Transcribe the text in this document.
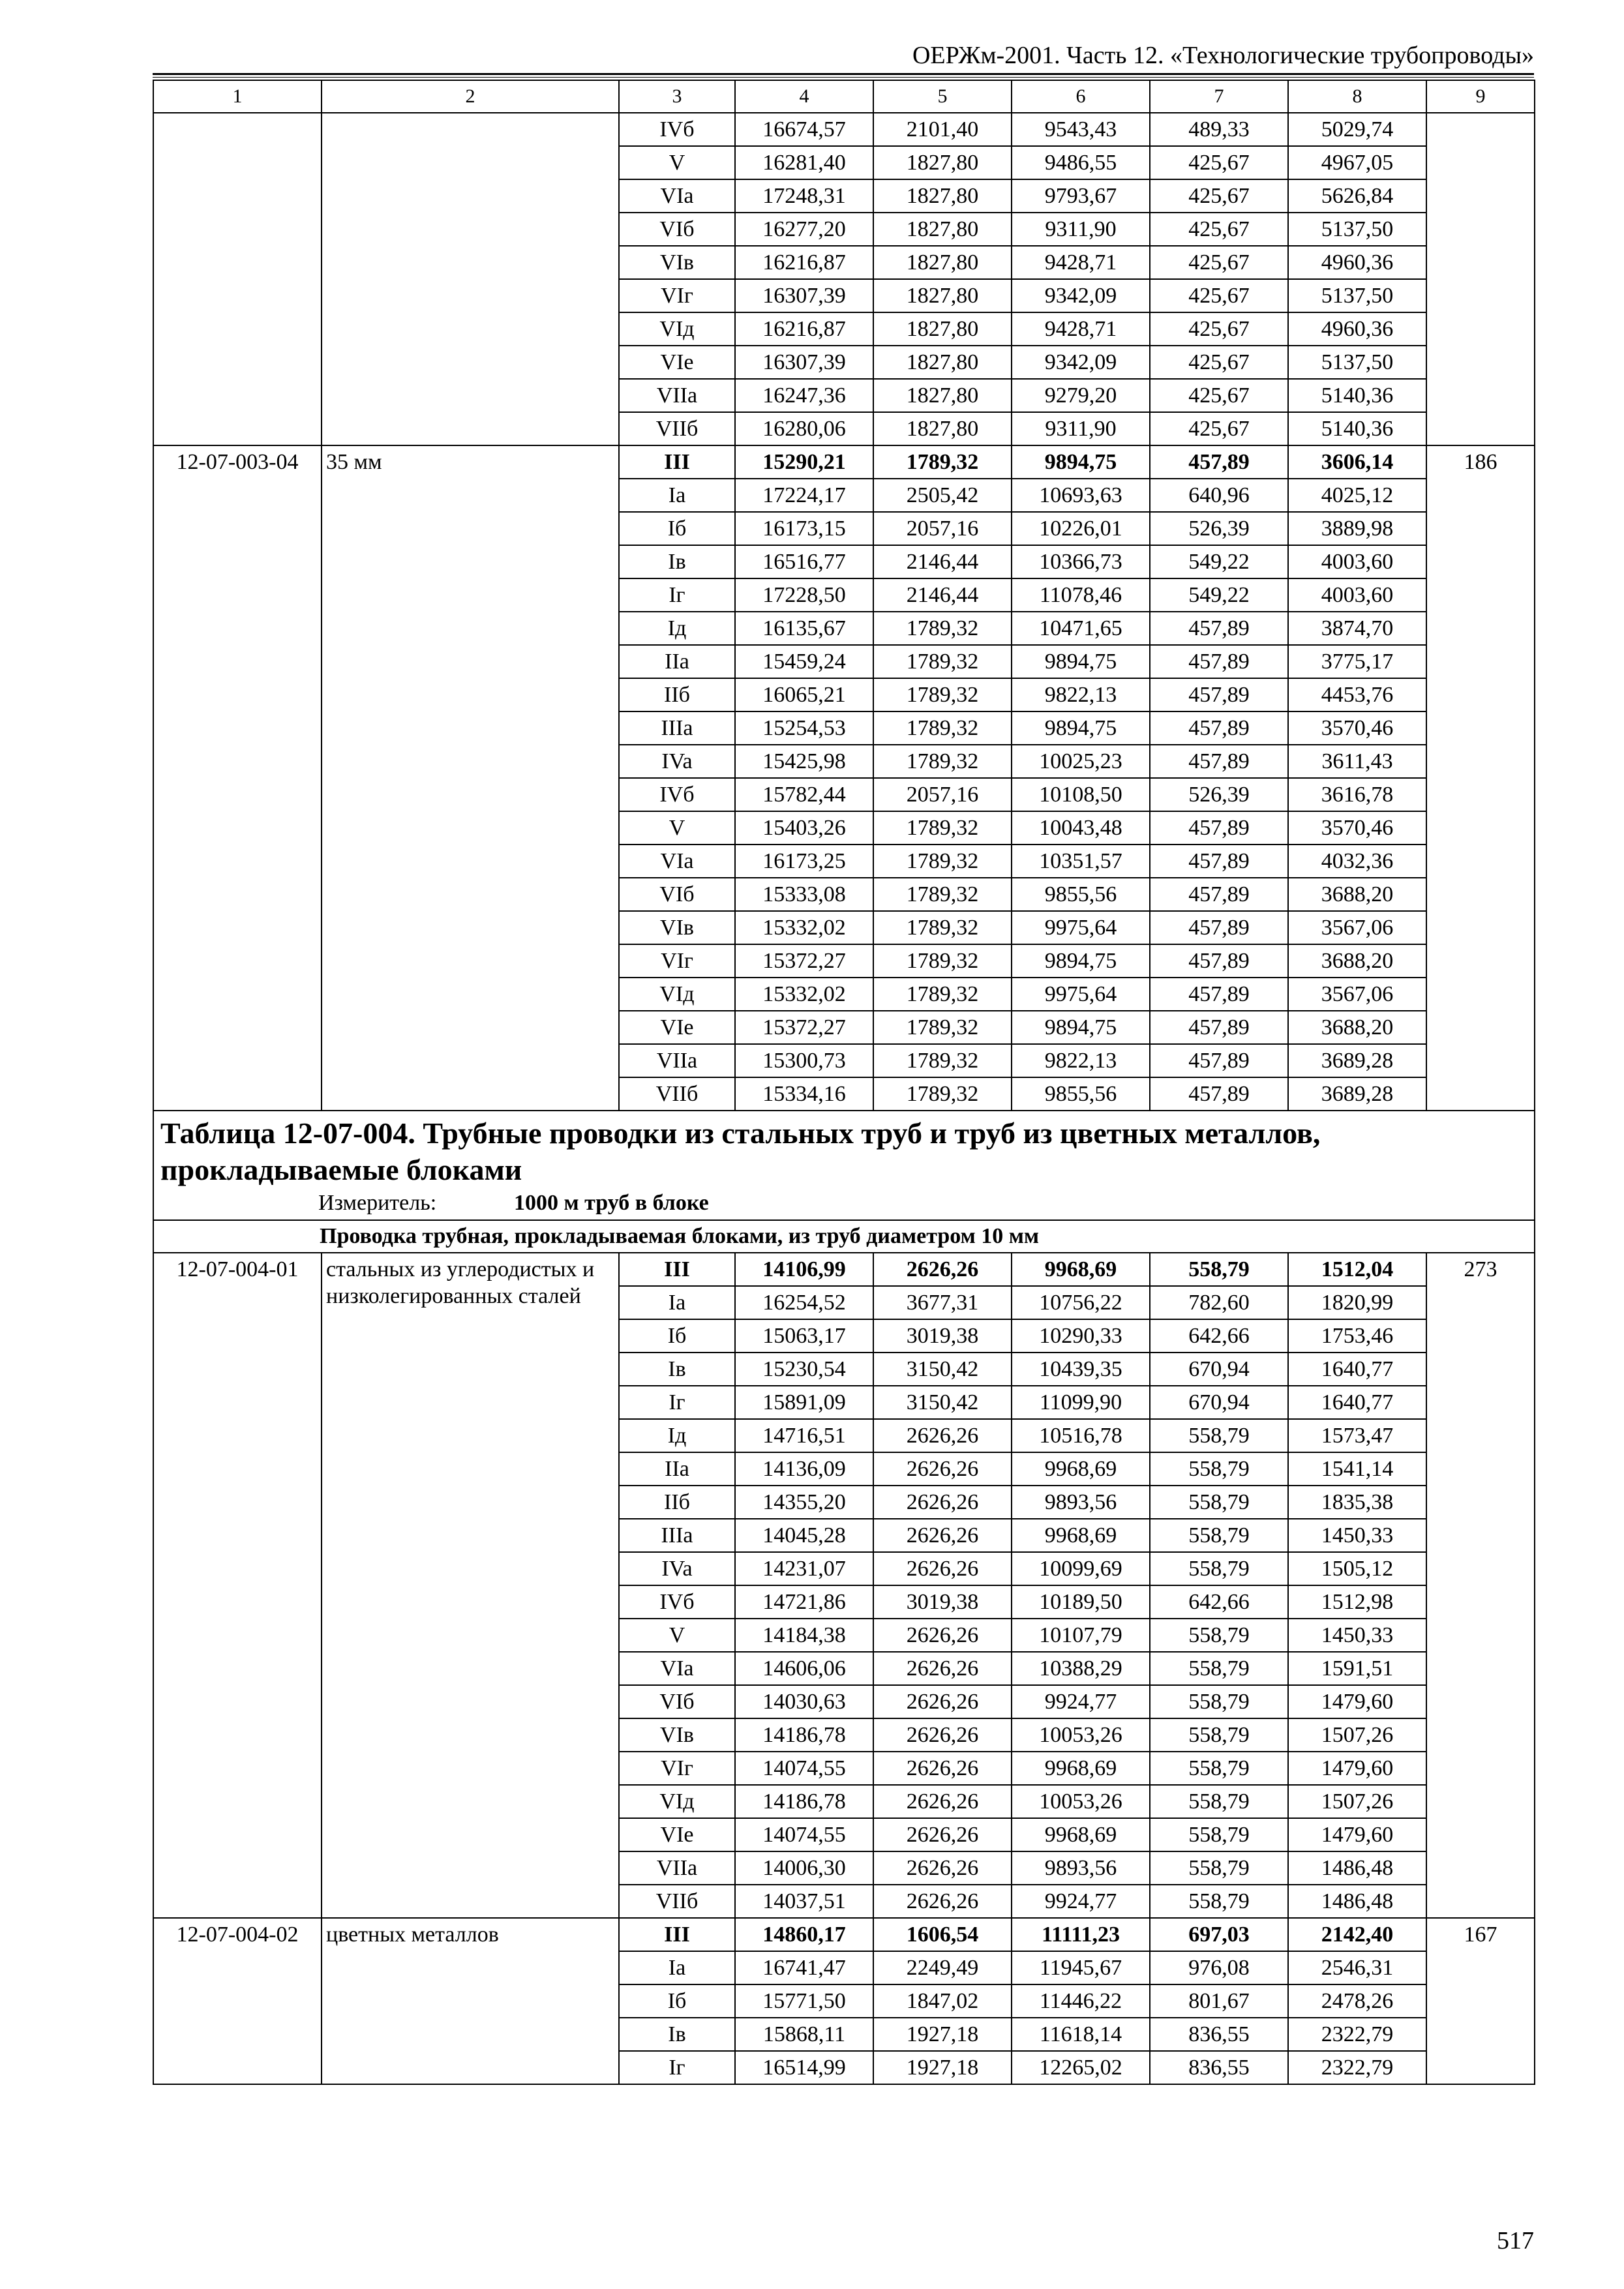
ОЕРЖм-2001. Часть 12. «Технологические трубопроводы»
1	2	3	4	5	6	7	8	9
		IVб	16674,57	2101,40	9543,43	489,33	5029,74	
		V	16281,40	1827,80	9486,55	425,67	4967,05	
		VIa	17248,31	1827,80	9793,67	425,67	5626,84	
		VIб	16277,20	1827,80	9311,90	425,67	5137,50	
		VIв	16216,87	1827,80	9428,71	425,67	4960,36	
		VIг	16307,39	1827,80	9342,09	425,67	5137,50	
		VIд	16216,87	1827,80	9428,71	425,67	4960,36	
		VIe	16307,39	1827,80	9342,09	425,67	5137,50	
		VIIa	16247,36	1827,80	9279,20	425,67	5140,36	
		VIIб	16280,06	1827,80	9311,90	425,67	5140,36	
12-07-003-04	35 мм	III	15290,21	1789,32	9894,75	457,89	3606,14	186
		Ia	17224,17	2505,42	10693,63	640,96	4025,12	
		Iб	16173,15	2057,16	10226,01	526,39	3889,98	
		Iв	16516,77	2146,44	10366,73	549,22	4003,60	
		Iг	17228,50	2146,44	11078,46	549,22	4003,60	
		Iд	16135,67	1789,32	10471,65	457,89	3874,70	
		IIa	15459,24	1789,32	9894,75	457,89	3775,17	
		IIб	16065,21	1789,32	9822,13	457,89	4453,76	
		IIIa	15254,53	1789,32	9894,75	457,89	3570,46	
		IVa	15425,98	1789,32	10025,23	457,89	3611,43	
		IVб	15782,44	2057,16	10108,50	526,39	3616,78	
		V	15403,26	1789,32	10043,48	457,89	3570,46	
		VIa	16173,25	1789,32	10351,57	457,89	4032,36	
		VIб	15333,08	1789,32	9855,56	457,89	3688,20	
		VIв	15332,02	1789,32	9975,64	457,89	3567,06	
		VIг	15372,27	1789,32	9894,75	457,89	3688,20	
		VIд	15332,02	1789,32	9975,64	457,89	3567,06	
		VIe	15372,27	1789,32	9894,75	457,89	3688,20	
		VIIa	15300,73	1789,32	9822,13	457,89	3689,28	
		VIIб	15334,16	1789,32	9855,56	457,89	3689,28	

Таблица 12-07-004. Трубные проводки из стальных труб и труб из цветных металлов, прокладываемые блоками
Измеритель: 1000 м труб в блоке								

Проводка трубная, прокладываемая блоками, из труб диаметром 10 мм								
12-07-004-01	стальных из углеродистых и низколегированных сталей	III	14106,99	2626,26	9968,69	558,79	1512,04	273
		Ia	16254,52	3677,31	10756,22	782,60	1820,99	
		Iб	15063,17	3019,38	10290,33	642,66	1753,46	
		Iв	15230,54	3150,42	10439,35	670,94	1640,77	
		Iг	15891,09	3150,42	11099,90	670,94	1640,77	
		Iд	14716,51	2626,26	10516,78	558,79	1573,47	
		IIa	14136,09	2626,26	9968,69	558,79	1541,14	
		IIб	14355,20	2626,26	9893,56	558,79	1835,38	
		IIIa	14045,28	2626,26	9968,69	558,79	1450,33	
		IVa	14231,07	2626,26	10099,69	558,79	1505,12	
		IVб	14721,86	3019,38	10189,50	642,66	1512,98	
		V	14184,38	2626,26	10107,79	558,79	1450,33	
		VIa	14606,06	2626,26	10388,29	558,79	1591,51	
		VIб	14030,63	2626,26	9924,77	558,79	1479,60	
		VIв	14186,78	2626,26	10053,26	558,79	1507,26	
		VIг	14074,55	2626,26	9968,69	558,79	1479,60	
		VIд	14186,78	2626,26	10053,26	558,79	1507,26	
		VIe	14074,55	2626,26	9968,69	558,79	1479,60	
		VIIa	14006,30	2626,26	9893,56	558,79	1486,48	
		VIIб	14037,51	2626,26	9924,77	558,79	1486,48	
12-07-004-02	цветных металлов	III	14860,17	1606,54	11111,23	697,03	2142,40	167
		Ia	16741,47	2249,49	11945,67	976,08	2546,31	
		Iб	15771,50	1847,02	11446,22	801,67	2478,26	
		Iв	15868,11	1927,18	11618,14	836,55	2322,79	
		Iг	16514,99	1927,18	12265,02	836,55	2322,79	
517
